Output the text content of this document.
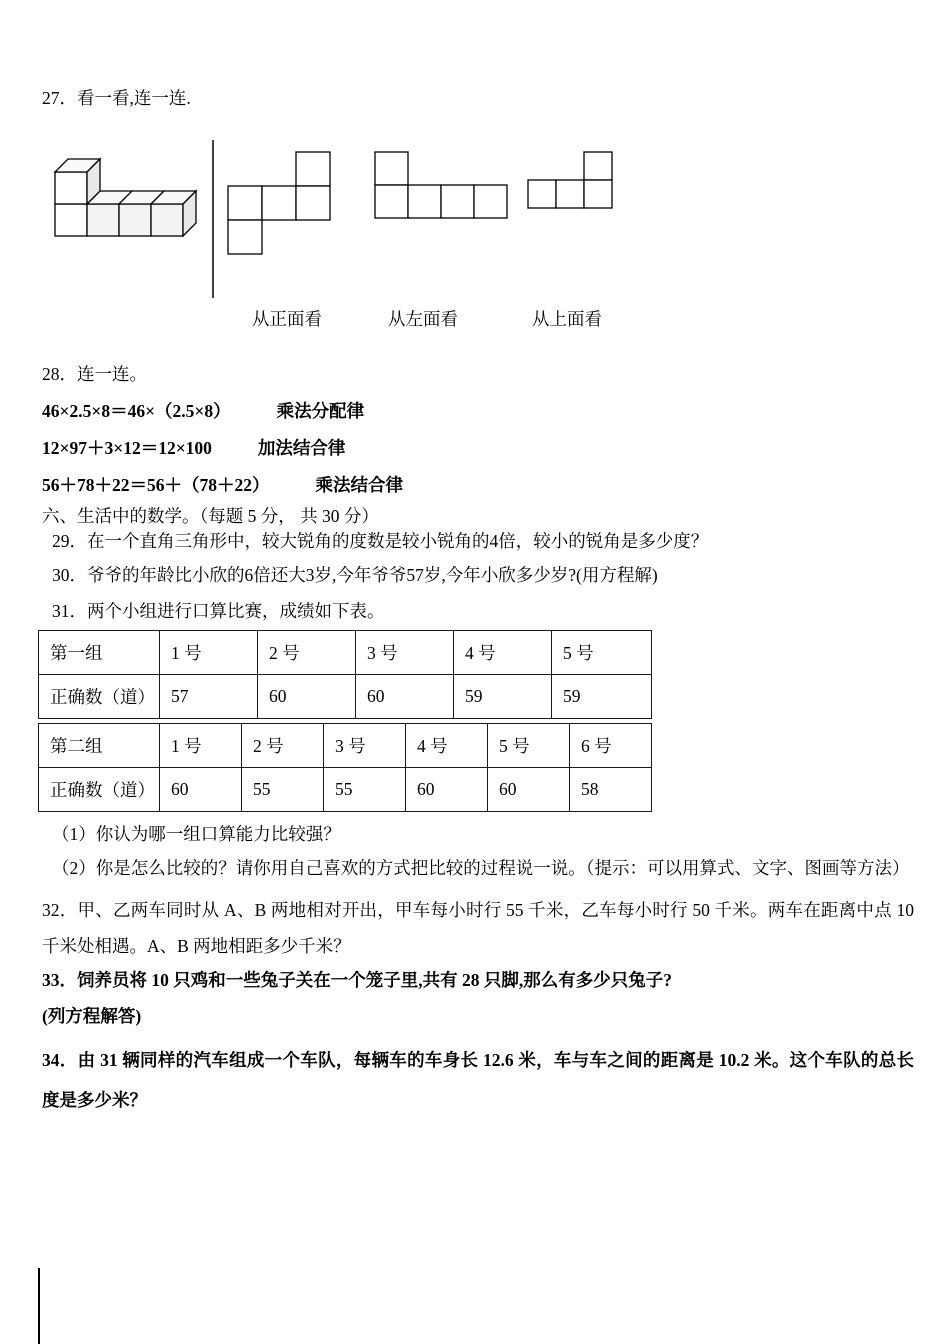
27．看一看,连一连.
从正面看	从左面看	从上面看
28．连一连。
46×2.5×8＝46×（2.5×8）	乘法分配律
12×97＋3×12＝12×100	加法结合律
56＋78＋22＝56＋（78＋22）	乘法结合律
六、生活中的数学。（每题 5 分， 共 30 分）
29．在一个直角三角形中，较大锐角的度数是较小锐角的4倍，较小的锐角是多少度？
30．爷爷的年龄比小欣的6倍还大3岁,今年爷爷57岁,今年小欣多少岁?(用方程解)
31．两个小组进行口算比赛，成绩如下表。
第一组	1 号	2 号	3 号	4 号	5 号
正确数（道）	57	60	60	59	59
第二组	1 号	2 号	3 号	4 号	5 号	6 号
正确数（道）	60	55	55	60	60	58
（1）你认为哪一组口算能力比较强？
（2）你是怎么比较的？请你用自己喜欢的方式把比较的过程说一说。（提示：可以用算式、文字、图画等方法）
32．甲、乙两车同时从 A、B 两地相对开出，甲车每小时行 55 千米，乙车每小时行 50 千米。两车在距离中点 10 千米处相遇。A、B 两地相距多少千米？
33．饲养员将 10 只鸡和一些兔子关在一个笼子里,共有 28 只脚,那么有多少只兔子?
(列方程解答)
34．由 31 辆同样的汽车组成一个车队，每辆车的车身长 12.6 米，车与车之间的距离是 10.2 米。这个车队的总长度是多少米？
